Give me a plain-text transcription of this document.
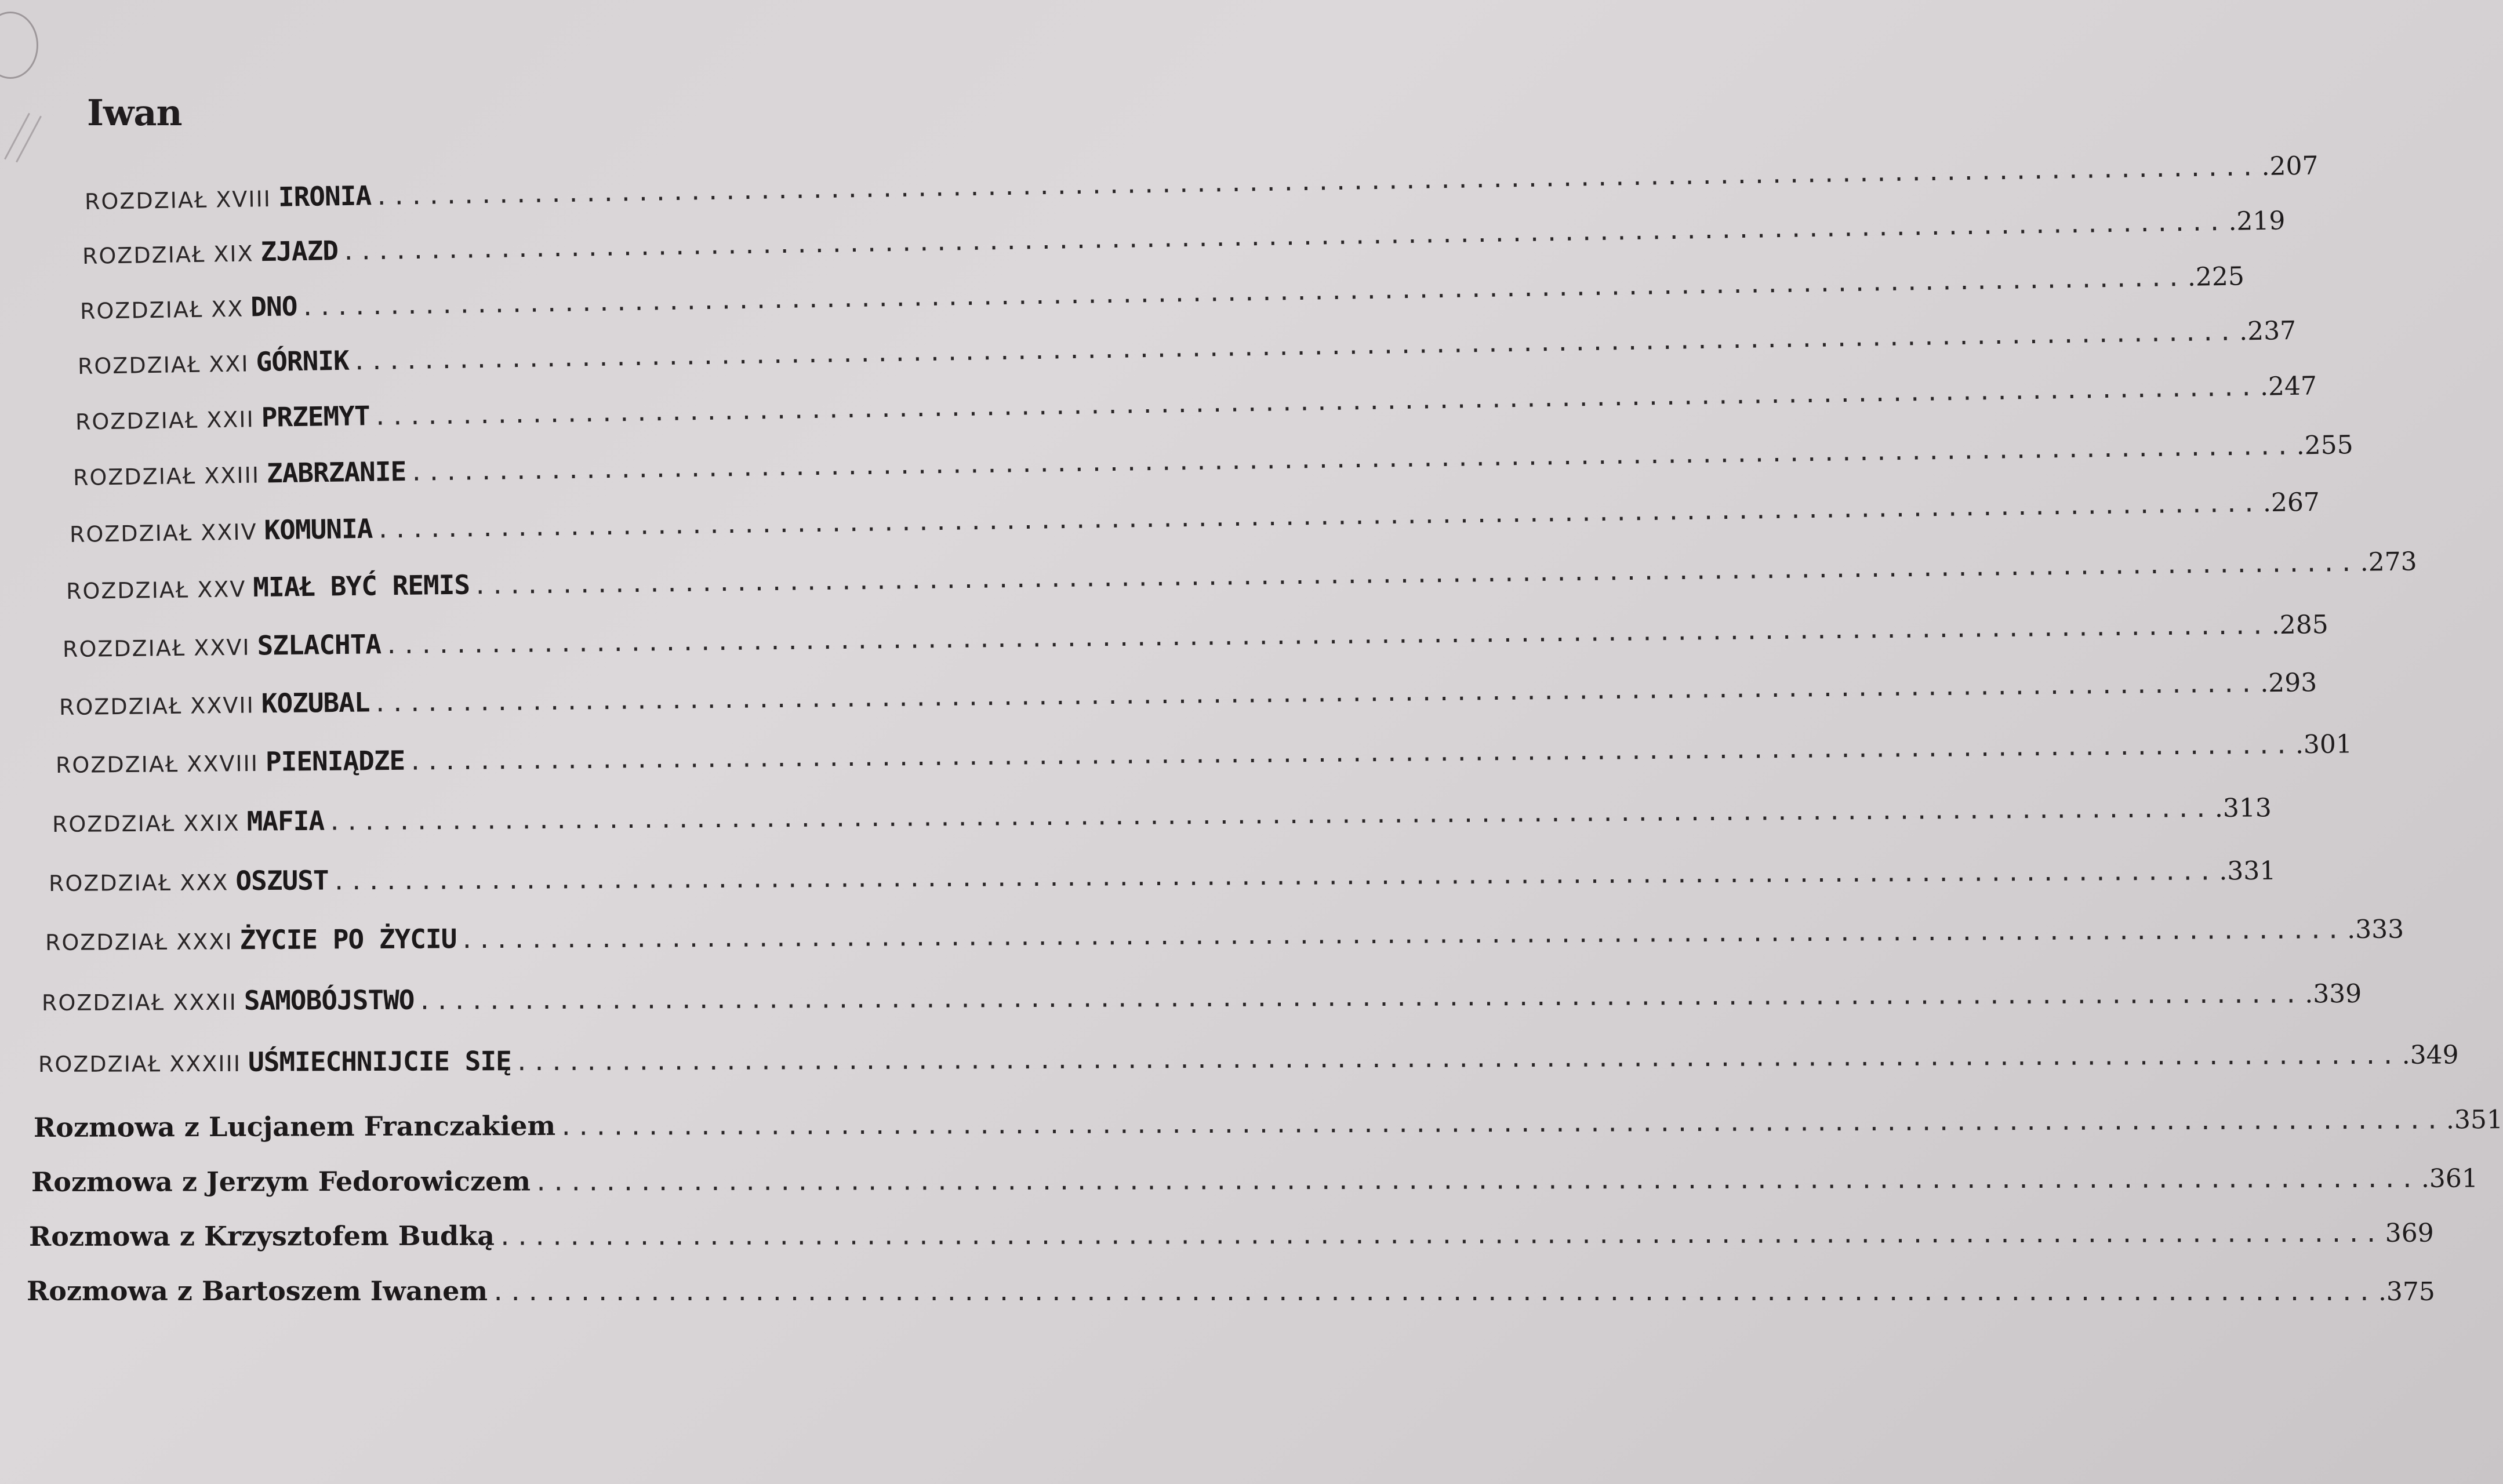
Iwan
ROZDZIAŁ XVIII IRONIA ............................................................................................................ .207
ROZDZIAŁ XIX ZJAZD ............................................................................................................ .219
ROZDZIAŁ XX DNO ............................................................................................................ .225
ROZDZIAŁ XXI GÓRNIK ............................................................................................................ .237
ROZDZIAŁ XXII PRZEMYT ............................................................................................................ .247
ROZDZIAŁ XXIII ZABRZANIE ............................................................................................................ .255
ROZDZIAŁ XXIV KOMUNIA ............................................................................................................ .267
ROZDZIAŁ XXV MIAŁ BYĆ REMIS ............................................................................................................ .273
ROZDZIAŁ XXVI SZLACHTA ............................................................................................................ .285
ROZDZIAŁ XXVII KOZUBAL ............................................................................................................ .293
ROZDZIAŁ XXVIII PIENIĄDZE ............................................................................................................ .301
ROZDZIAŁ XXIX MAFIA ............................................................................................................ .313
ROZDZIAŁ XXX OSZUST ............................................................................................................ .331
ROZDZIAŁ XXXI ŻYCIE PO ŻYCIU ............................................................................................................ .333
ROZDZIAŁ XXXII SAMOBÓJSTWO ............................................................................................................ .339
ROZDZIAŁ XXXIII UŚMIECHNIJCIE SIĘ ............................................................................................................ .349
Rozmowa z Lucjanem Franczakiem ............................................................................................................ .351
Rozmowa z Jerzym Fedorowiczem ............................................................................................................ .361
Rozmowa z Krzysztofem Budką ............................................................................................................ 369
Rozmowa z Bartoszem Iwanem ............................................................................................................ .375
